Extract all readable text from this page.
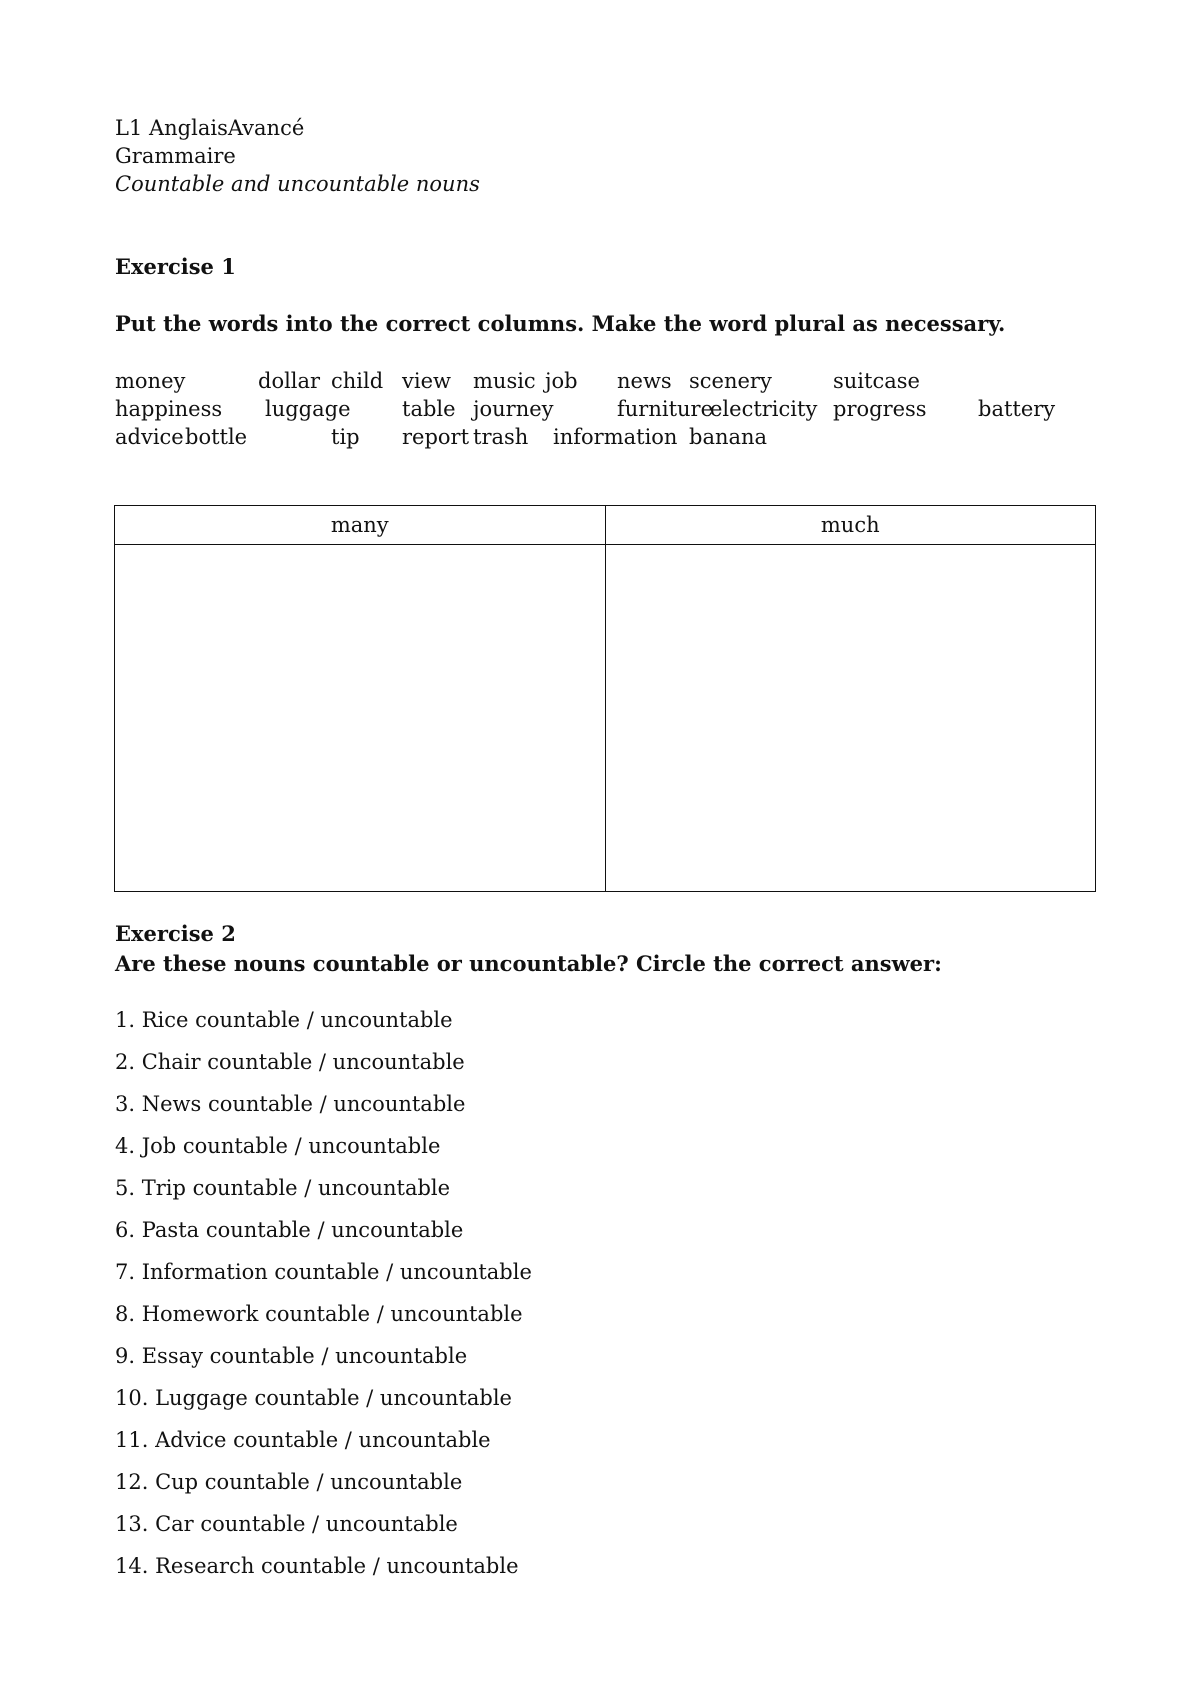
L1 AnglaisAvancé
Grammaire
Countable and uncountable nouns
Exercise 1
Put the words into the correct columns. Make the word plural as necessary.
money	dollar child view music job news scenery	suitcase
happiness luggage table journey	furniture
electricity progress battery
advice bottle	tip report trash information banana
many	much

Exercise 2
Are these nouns countable or uncountable? Circle the correct answer:
1. Rice countable / uncountable
2. Chair countable / uncountable
3. News countable / uncountable
4. Job countable / uncountable
5. Trip countable / uncountable
6. Pasta countable / uncountable
7. Information countable / uncountable
8. Homework countable / uncountable
9. Essay countable / uncountable
10. Luggage countable / uncountable
11. Advice countable / uncountable
12. Cup countable / uncountable
13. Car countable / uncountable
14. Research countable / uncountable
